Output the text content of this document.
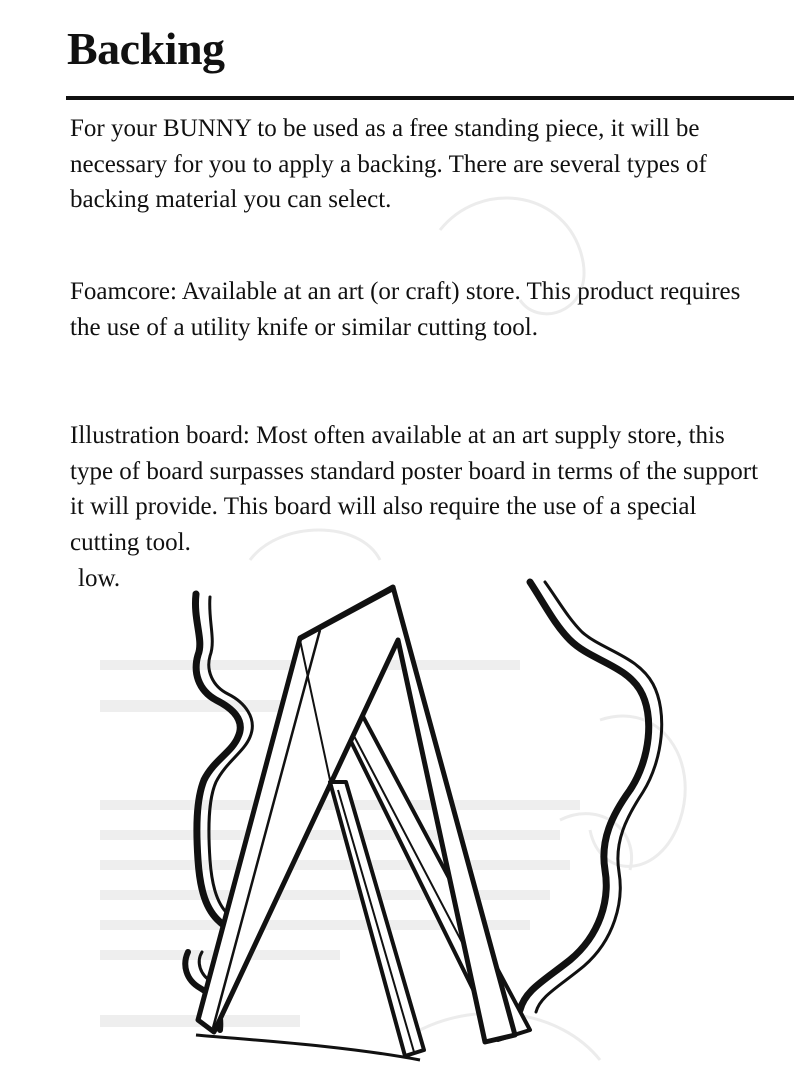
Backing

For your BUNNY to be used as a free standing piece, it will be necessary for you to apply a backing. There are several types of backing material you can select.

Foamcore: Available at an art (or craft) store. This product requires the use of a utility knife or similar cutting tool.

Illustration board: Most often available at an art supply store, this type of board surpasses standard poster board in terms of the support it will provide. This board will also require the use of a special cutting tool.

low.
